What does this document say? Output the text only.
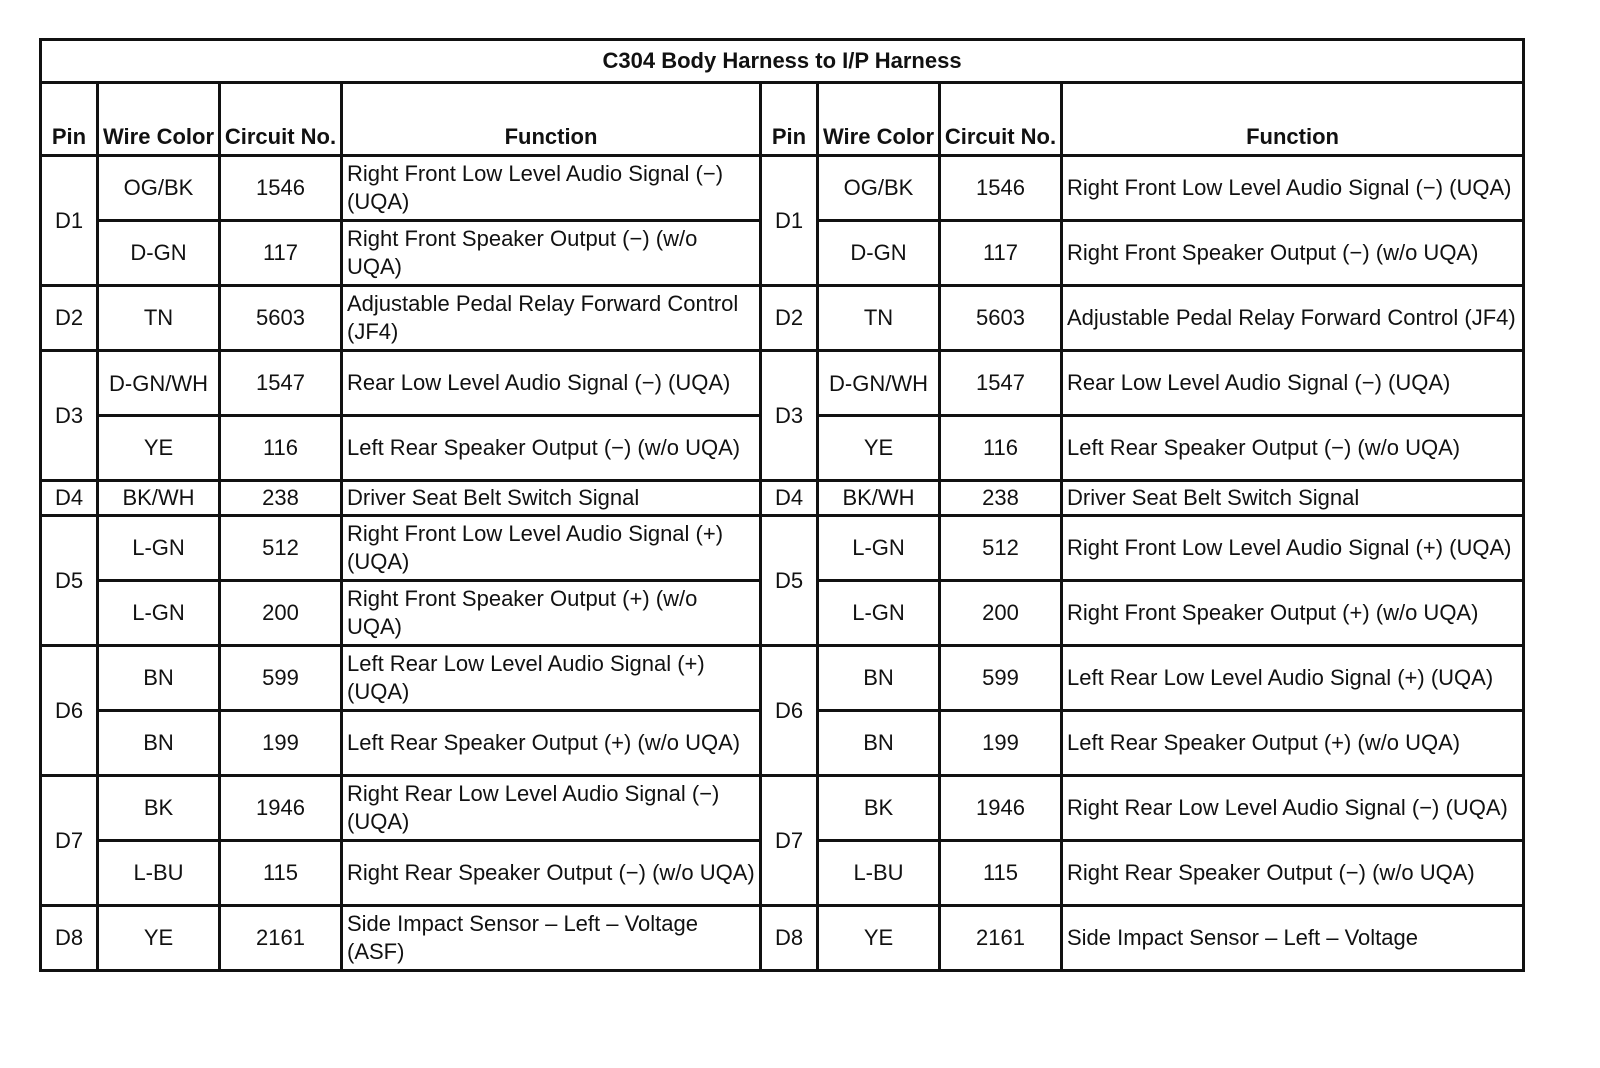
C304 Body Harness to I/P Harness							
Pin	Wire Color	Circuit No.	Function	Pin	Wire Color	Circuit No.	Function
D1	OG/BK	1546	Right Front Low Level Audio Signal (−) (UQA)	D1	OG/BK	1546	Right Front Low Level Audio Signal (−) (UQA)
	D-GN	117	Right Front Speaker Output (−) (w/o UQA)		D-GN	117	Right Front Speaker Output (−) (w/o UQA)
D2	TN	5603	Adjustable Pedal Relay Forward Control (JF4)	D2	TN	5603	Adjustable Pedal Relay Forward Control (JF4)
D3	D-GN/WH	1547	Rear Low Level Audio Signal (−) (UQA)	D3	D-GN/WH	1547	Rear Low Level Audio Signal (−) (UQA)
	YE	116	Left Rear Speaker Output (−) (w/o UQA)		YE	116	Left Rear Speaker Output (−) (w/o UQA)
D4	BK/WH	238	Driver Seat Belt Switch Signal	D4	BK/WH	238	Driver Seat Belt Switch Signal
D5	L-GN	512	Right Front Low Level Audio Signal (+) (UQA)	D5	L-GN	512	Right Front Low Level Audio Signal (+) (UQA)
	L-GN	200	Right Front Speaker Output (+) (w/o UQA)		L-GN	200	Right Front Speaker Output (+) (w/o UQA)
D6	BN	599	Left Rear Low Level Audio Signal (+) (UQA)	D6	BN	599	Left Rear Low Level Audio Signal (+) (UQA)
	BN	199	Left Rear Speaker Output (+) (w/o UQA)		BN	199	Left Rear Speaker Output (+) (w/o UQA)
D7	BK	1946	Right Rear Low Level Audio Signal (−) (UQA)	D7	BK	1946	Right Rear Low Level Audio Signal (−) (UQA)
	L-BU	115	Right Rear Speaker Output (−) (w/o UQA)		L-BU	115	Right Rear Speaker Output (−) (w/o UQA)
D8	YE	2161	Side Impact Sensor – Left – Voltage (ASF)	D8	YE	2161	Side Impact Sensor – Left – Voltage
